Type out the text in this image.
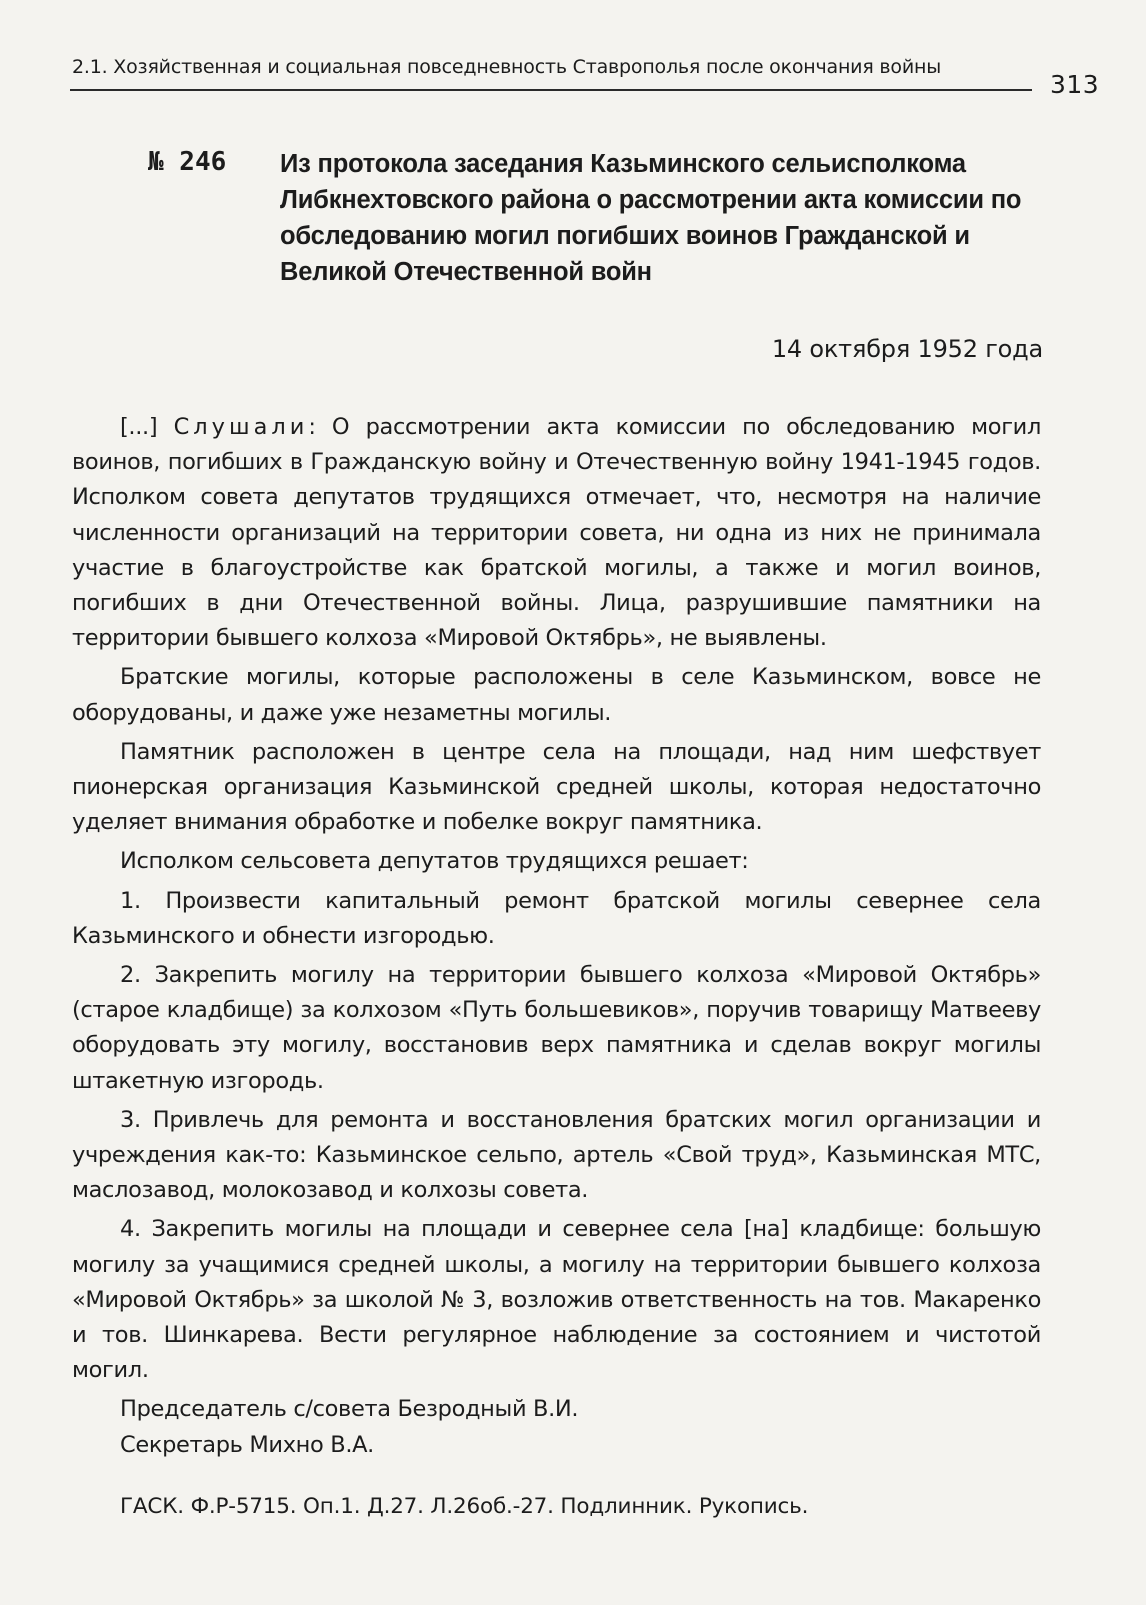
2.1. Хозяйственная и социальная повседневность Ставрополья после окончания войны
313
№ 246 Из протокола заседания Казьминского сельисполкома Либкнехтовского района о рассмотрении акта комиссии по обследованию могил погибших воинов Гражданской и Великой Отечественной войн
14 октября 1952 года

[...] Слушали: О рассмотрении акта комиссии по обследованию могил воинов, погибших в Гражданскую войну и Отечественную войну 1941-1945 годов. Исполком совета депутатов трудящихся отмечает, что, несмотря на наличие численности организаций на территории совета, ни одна из них не принимала участие в благоустройстве как братской могилы, а также и могил воинов, погибших в дни Отечественной войны. Лица, разрушившие памятники на территории бывшего колхоза «Мировой Октябрь», не выявлены.

Братские могилы, которые расположены в селе Казьминском, вовсе не оборудованы, и даже уже незаметны могилы.

Памятник расположен в центре села на площади, над ним шефствует пионерская организация Казьминской средней школы, которая недостаточно уделяет внимания обработке и побелке вокруг памятника.

Исполком сельсовета депутатов трудящихся решает:

1. Произвести капитальный ремонт братской могилы севернее села Казьминского и обнести изгородью.

2. Закрепить могилу на территории бывшего колхоза «Мировой Октябрь» (старое кладбище) за колхозом «Путь большевиков», поручив товарищу Матвееву оборудовать эту могилу, восстановив верх памятника и сделав вокруг могилы штакетную изгородь.

3. Привлечь для ремонта и восстановления братских могил организации и учреждения как-то: Казьминское сельпо, артель «Свой труд», Казьминская МТС, маслозавод, молокозавод и колхозы совета.

4. Закрепить могилы на площади и севернее села [на] кладбище: большую могилу за учащимися средней школы, а могилу на территории бывшего колхоза «Мировой Октябрь» за школой № 3, возложив ответственность на тов. Макаренко и тов. Шинкарева. Вести регулярное наблюдение за состоянием и чистотой могил.

Председатель с/совета Безродный В.И.
Секретарь Михно В.А.
ГАСК. Ф.Р-5715. Оп.1. Д.27. Л.26об.-27. Подлинник. Рукопись.
